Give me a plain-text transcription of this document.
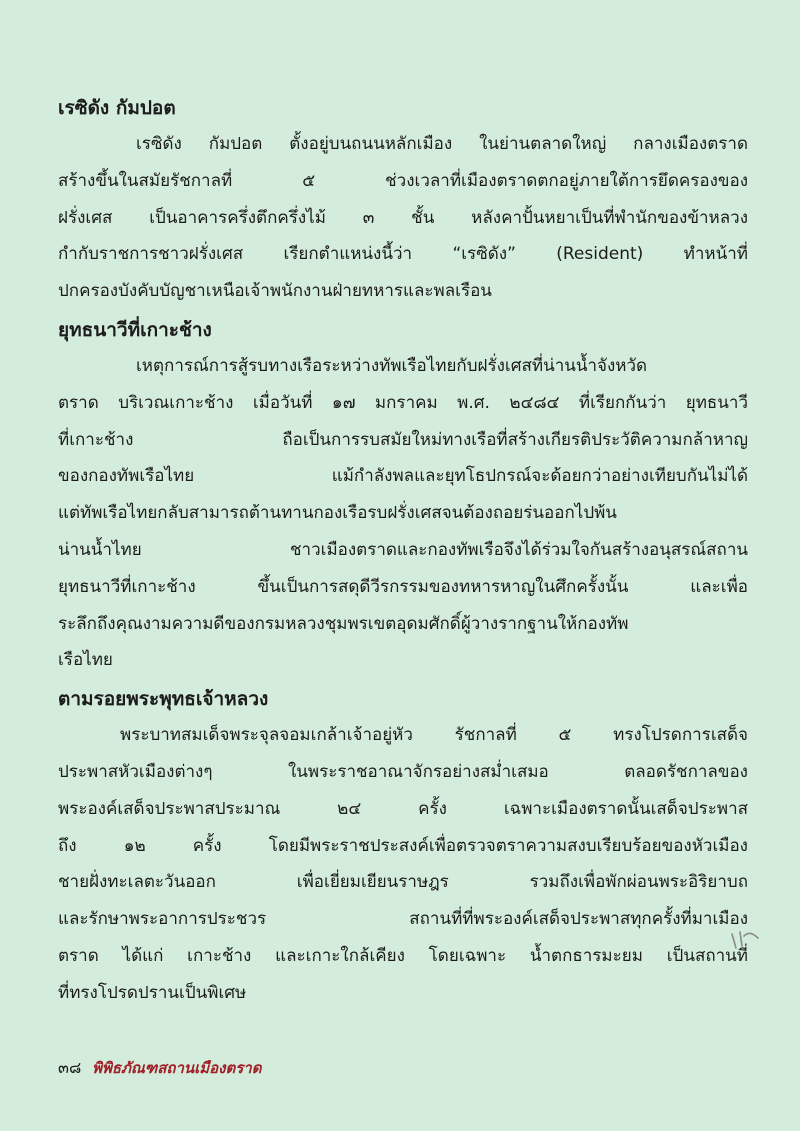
เรซิดัง กัมปอต
เรซิดัง กัมปอต ตั้งอยู่บนถนนหลักเมือง ในย่านตลาดใหญ่ กลางเมืองตราด
สร้างขึ้นในสมัยรัชกาลที่ ๕ ช่วงเวลาที่เมืองตราดตกอยู่ภายใต้การยึดครองของ
ฝรั่งเศส เป็นอาคารครึ่งตึกครึ่งไม้ ๓ ชั้น หลังคาปั้นหยาเป็นที่พำนักของข้าหลวง
กำกับราชการชาวฝรั่งเศส เรียกตำแหน่งนี้ว่า “เรซิดัง” (Resident) ทำหน้าที่
ปกครองบังคับบัญชาเหนือเจ้าพนักงานฝ่ายทหารและพลเรือน
ยุทธนาวีที่เกาะช้าง
เหตุการณ์การสู้รบทางเรือระหว่างทัพเรือไทยกับฝรั่งเศสที่น่านน้ำจังหวัด
ตราด บริเวณเกาะช้าง เมื่อวันที่ ๑๗ มกราคม พ.ศ. ๒๔๘๔ ที่เรียกกันว่า ยุทธนาวี
ที่เกาะช้าง ถือเป็นการรบสมัยใหม่ทางเรือที่สร้างเกียรติประวัติความกล้าหาญ
ของกองทัพเรือไทย แม้กำลังพลและยุทโธปกรณ์จะด้อยกว่าอย่างเทียบกันไม่ได้
แต่ทัพเรือไทยกลับสามารถต้านทานกองเรือรบฝรั่งเศสจนต้องถอยร่นออกไปพ้น
น่านน้ำไทย ชาวเมืองตราดและกองทัพเรือจึงได้ร่วมใจกันสร้างอนุสรณ์สถาน
ยุทธนาวีที่เกาะช้าง ขึ้นเป็นการสดุดีวีรกรรมของทหารหาญในศึกครั้งนั้น และเพื่อ
ระลึกถึงคุณงามความดีของกรมหลวงชุมพรเขตอุดมศักดิ์ผู้วางรากฐานให้กองทัพ
เรือไทย
ตามรอยพระพุทธเจ้าหลวง
พระบาทสมเด็จพระจุลจอมเกล้าเจ้าอยู่หัว รัชกาลที่ ๕ ทรงโปรดการเสด็จ
ประพาสหัวเมืองต่างๆ ในพระราชอาณาจักรอย่างสม่ำเสมอ ตลอดรัชกาลของ
พระองค์เสด็จประพาสประมาณ ๒๔ ครั้ง เฉพาะเมืองตราดนั้นเสด็จประพาส
ถึง ๑๒ ครั้ง โดยมีพระราชประสงค์เพื่อตรวจตราความสงบเรียบร้อยของหัวเมือง
ชายฝั่งทะเลตะวันออก เพื่อเยี่ยมเยียนราษฎร รวมถึงเพื่อพักผ่อนพระอิริยาบถ
และรักษาพระอาการประชวร สถานที่ที่พระองค์เสด็จประพาสทุกครั้งที่มาเมือง
ตราด ได้แก่ เกาะช้าง และเกาะใกล้เคียง โดยเฉพาะ น้ำตกธารมะยม เป็นสถานที่
ที่ทรงโปรดปรานเป็นพิเศษ
๓๘ พิพิธภัณฑสถานเมืองตราด
